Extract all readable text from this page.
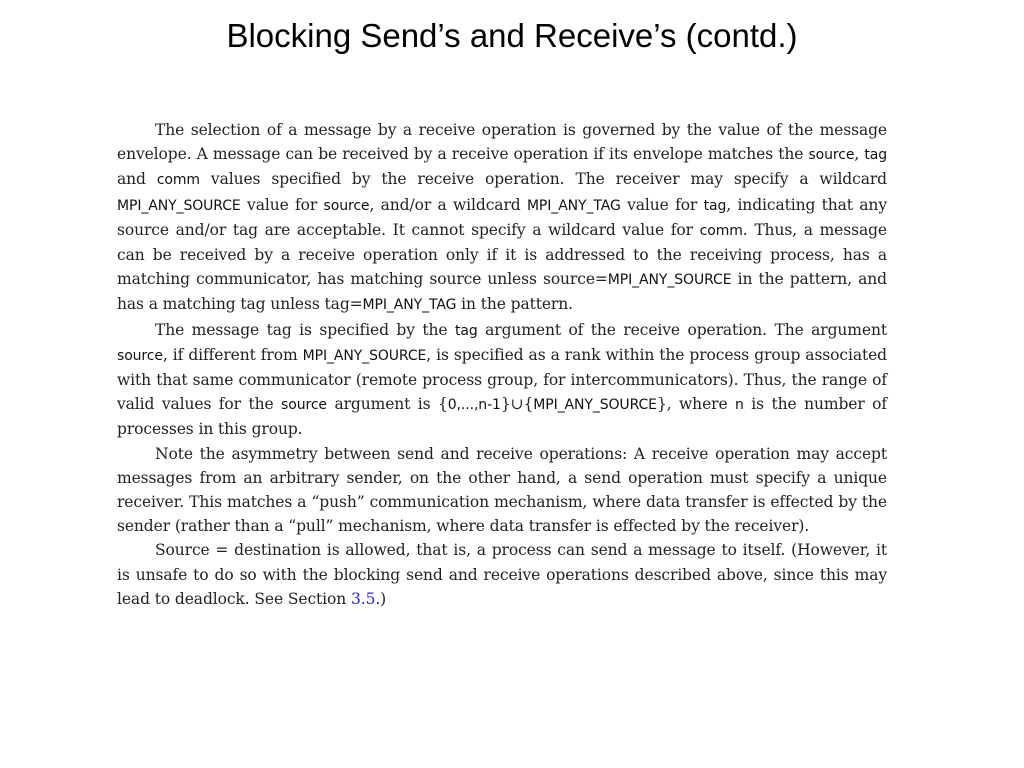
Blocking Send’s and Receive’s (contd.)

The selection of a message by a receive operation is governed by the value of the message envelope. A message can be received by a receive operation if its envelope matches the source, tag and comm values specified by the receive operation. The receiver may specify a wildcard MPI_ANY_SOURCE value for source, and/or a wildcard MPI_ANY_TAG value for tag, indicating that any source and/or tag are acceptable. It cannot specify a wildcard value for comm. Thus, a message can be received by a receive operation only if it is addressed to the receiving process, has a matching communicator, has matching source unless source=MPI_ANY_SOURCE in the pattern, and has a matching tag unless tag=MPI_ANY_TAG in the pattern.

The message tag is specified by the tag argument of the receive operation. The argument source, if different from MPI_ANY_SOURCE, is specified as a rank within the process group associated with that same communicator (remote process group, for intercommunicators). Thus, the range of valid values for the source argument is {0,...,n-1}∪{MPI_ANY_SOURCE}, where n is the number of processes in this group.

Note the asymmetry between send and receive operations: A receive operation may accept messages from an arbitrary sender, on the other hand, a send operation must specify a unique receiver. This matches a “push” communication mechanism, where data transfer is effected by the sender (rather than a “pull” mechanism, where data transfer is effected by the receiver).

Source = destination is allowed, that is, a process can send a message to itself. (However, it is unsafe to do so with the blocking send and receive operations described above, since this may lead to deadlock. See Section 3.5.)
